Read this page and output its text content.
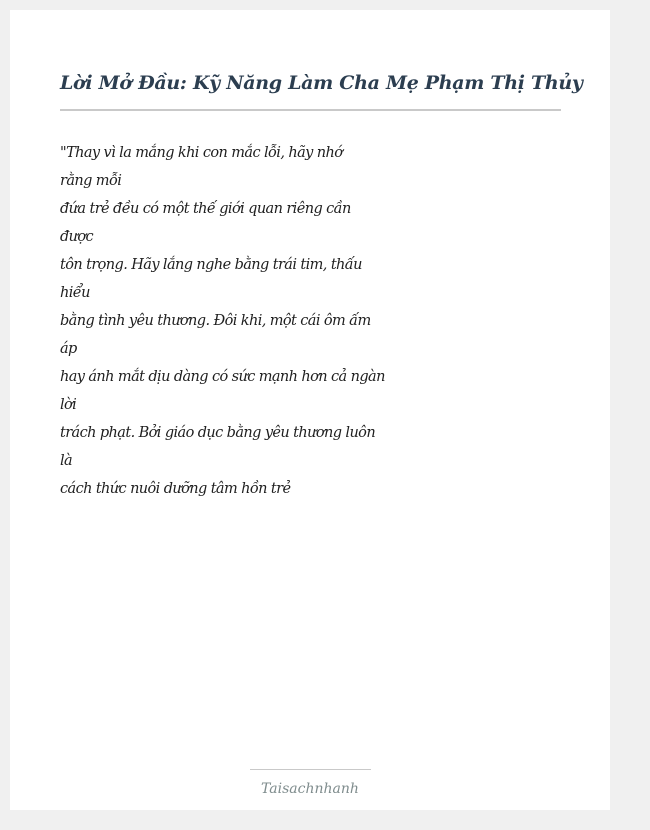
Lời Mở Đầu: Kỹ Năng Làm Cha Mẹ Phạm Thị Thủy
"Thay vì la mắng khi con mắc lỗi, hãy nhớ
rằng mỗi
đứa trẻ đều có một thế giới quan riêng cần
được
tôn trọng. Hãy lắng nghe bằng trái tim, thấu
hiểu
bằng tình yêu thương. Đôi khi, một cái ôm ấm
áp
hay ánh mắt dịu dàng có sức mạnh hơn cả ngàn
lời
trách phạt. Bởi giáo dục bằng yêu thương luôn
là
cách thức nuôi dưỡng tâm hồn trẻ
Taisachnhanh
